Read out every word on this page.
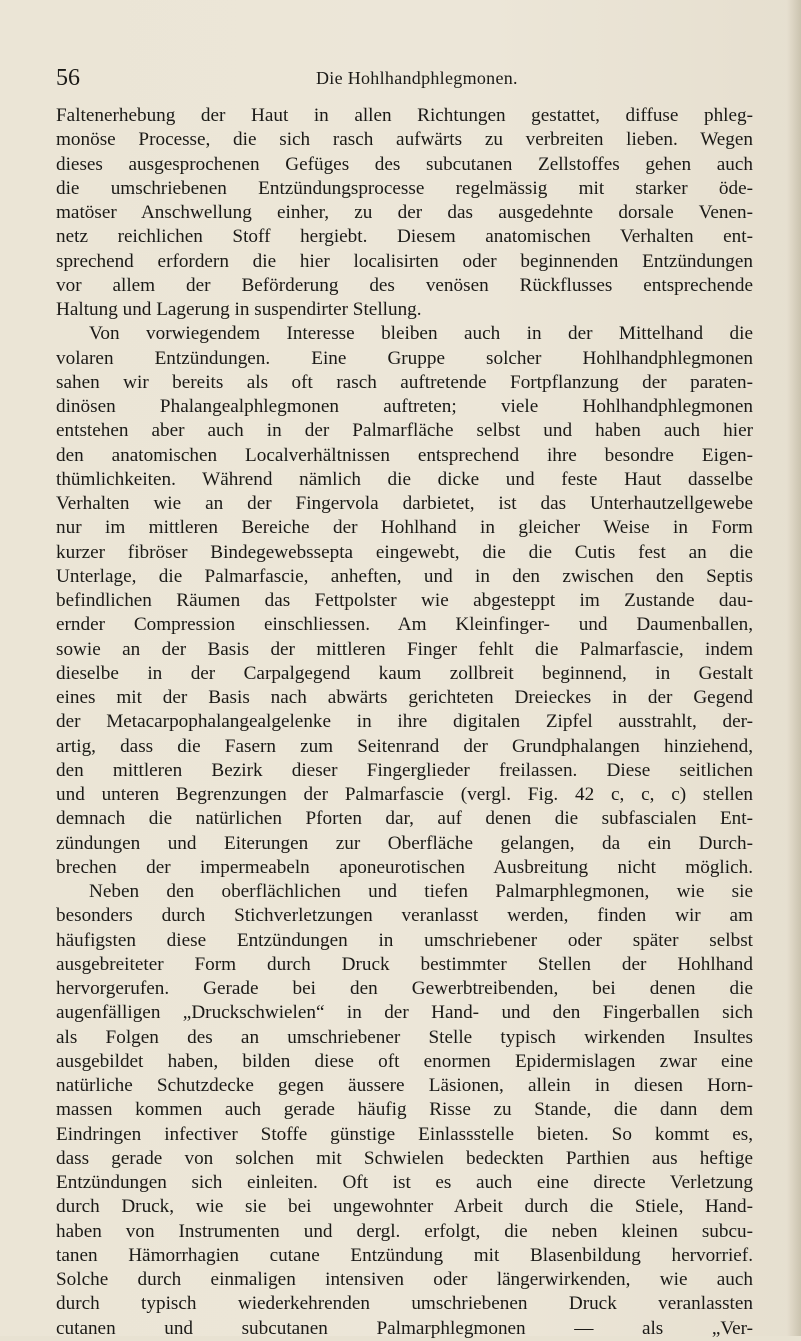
56	Die Hohlhandphlegmonen.
Faltenerhebung der Haut in allen Richtungen gestattet, diffuse phleg-
monöse Processe, die sich rasch aufwärts zu verbreiten lieben. Wegen
dieses ausgesprochenen Gefüges des subcutanen Zellstoffes gehen auch
die umschriebenen Entzündungsprocesse regelmässig mit starker öde-
matöser Anschwellung einher, zu der das ausgedehnte dorsale Venen-
netz reichlichen Stoff hergiebt. Diesem anatomischen Verhalten ent-
sprechend erfordern die hier localisirten oder beginnenden Entzündungen
vor allem der Beförderung des venösen Rückflusses entsprechende
Haltung und Lagerung in suspendirter Stellung.
Von vorwiegendem Interesse bleiben auch in der Mittelhand die
volaren Entzündungen. Eine Gruppe solcher Hohlhandphlegmonen
sahen wir bereits als oft rasch auftretende Fortpflanzung der paraten-
dinösen Phalangealphlegmonen auftreten; viele Hohlhandphlegmonen
entstehen aber auch in der Palmarfläche selbst und haben auch hier
den anatomischen Localverhältnissen entsprechend ihre besondre Eigen-
thümlichkeiten. Während nämlich die dicke und feste Haut dasselbe
Verhalten wie an der Fingervola darbietet, ist das Unterhautzellgewebe
nur im mittleren Bereiche der Hohlhand in gleicher Weise in Form
kurzer fibröser Bindegewebssepta eingewebt, die die Cutis fest an die
Unterlage, die Palmarfascie, anheften, und in den zwischen den Septis
befindlichen Räumen das Fettpolster wie abgesteppt im Zustande dau-
ernder Compression einschliessen. Am Kleinfinger- und Daumenballen,
sowie an der Basis der mittleren Finger fehlt die Palmarfascie, indem
dieselbe in der Carpalgegend kaum zollbreit beginnend, in Gestalt
eines mit der Basis nach abwärts gerichteten Dreieckes in der Gegend
der Metacarpophalangealgelenke in ihre digitalen Zipfel ausstrahlt, der-
artig, dass die Fasern zum Seitenrand der Grundphalangen hinziehend,
den mittleren Bezirk dieser Fingerglieder freilassen. Diese seitlichen
und unteren Begrenzungen der Palmarfascie (vergl. Fig. 42 c, c, c) stellen
demnach die natürlichen Pforten dar, auf denen die subfascialen Ent-
zündungen und Eiterungen zur Oberfläche gelangen, da ein Durch-
brechen der impermeabeln aponeurotischen Ausbreitung nicht möglich.
Neben den oberflächlichen und tiefen Palmarphlegmonen, wie sie
besonders durch Stichverletzungen veranlasst werden, finden wir am
häufigsten diese Entzündungen in umschriebener oder später selbst
ausgebreiteter Form durch Druck bestimmter Stellen der Hohlhand
hervorgerufen. Gerade bei den Gewerbtreibenden, bei denen die
augenfälligen „Druckschwielen“ in der Hand- und den Fingerballen sich
als Folgen des an umschriebener Stelle typisch wirkenden Insultes
ausgebildet haben, bilden diese oft enormen Epidermislagen zwar eine
natürliche Schutzdecke gegen äussere Läsionen, allein in diesen Horn-
massen kommen auch gerade häufig Risse zu Stande, die dann dem
Eindringen infectiver Stoffe günstige Einlassstelle bieten. So kommt es,
dass gerade von solchen mit Schwielen bedeckten Parthien aus heftige
Entzündungen sich einleiten. Oft ist es auch eine directe Verletzung
durch Druck, wie sie bei ungewohnter Arbeit durch die Stiele, Hand-
haben von Instrumenten und dergl. erfolgt, die neben kleinen subcu-
tanen Hämorrhagien cutane Entzündung mit Blasenbildung hervorrief.
Solche durch einmaligen intensiven oder längerwirkenden, wie auch
durch typisch wiederkehrenden umschriebenen Druck veranlassten
cutanen und subcutanen Palmarphlegmonen — als „Ver-
